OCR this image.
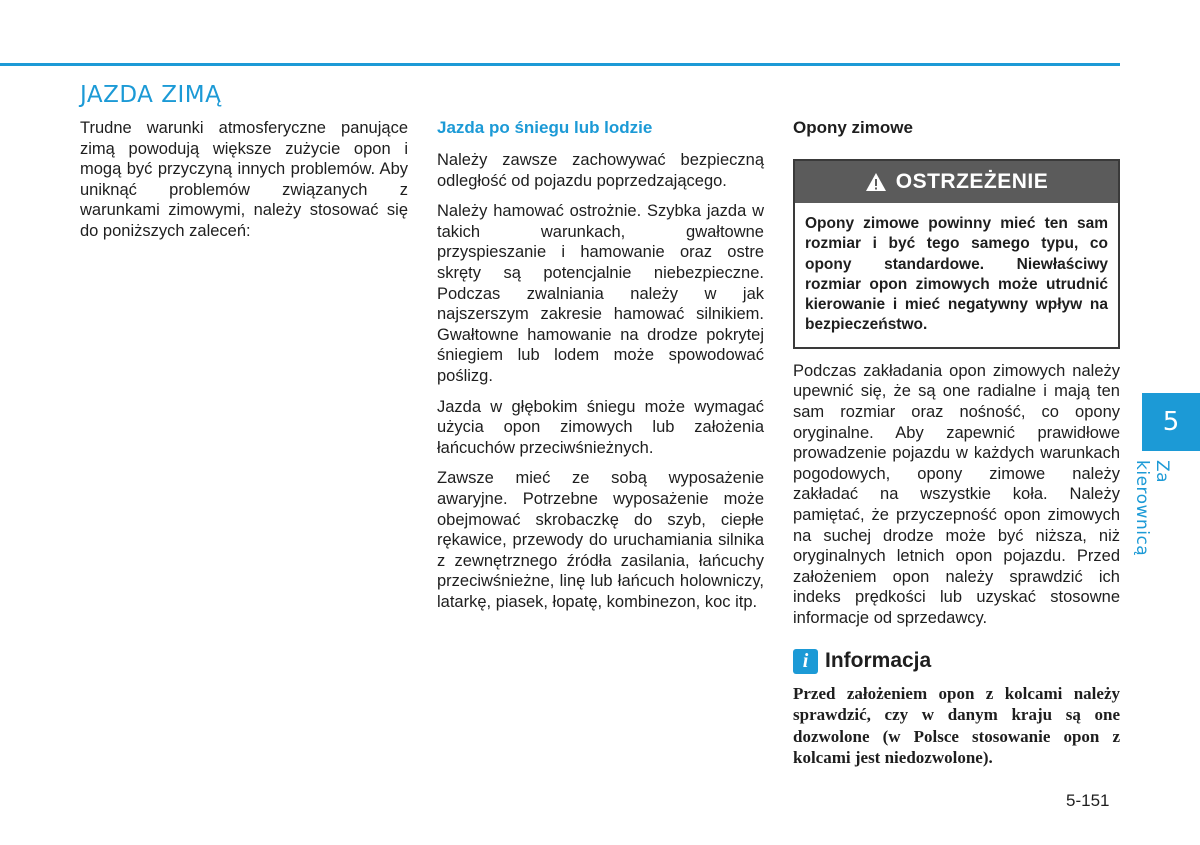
JAZDA ZIMĄ

Trudne warunki atmosferyczne panujące zimą powodują większe zużycie opon i mogą być przyczyną innych problemów. Aby uniknąć problemów związanych z warunkami zimowymi, należy stosować się do poniższych zaleceń:

Jazda po śniegu lub lodzie

Należy zawsze zachowywać bezpieczną odległość od pojazdu poprzedzającego.

Należy hamować ostrożnie. Szybka jazda w takich warunkach, gwałtowne przyspieszanie i hamowanie oraz ostre skręty są potencjalnie niebezpieczne. Podczas zwalniania należy w jak najszerszym zakresie hamować silnikiem. Gwałtowne hamowanie na drodze pokrytej śniegiem lub lodem może spowodować poślizg.

Jazda w głębokim śniegu może wymagać użycia opon zimowych lub założenia łańcuchów przeciwśnieżnych.

Zawsze mieć ze sobą wyposażenie awaryjne. Potrzebne wyposażenie może obejmować skrobaczkę do szyb, ciepłe rękawice, przewody do uruchamiania silnika z zewnętrznego źródła zasilania, łańcuchy przeciwśnieżne, linę lub łańcuch holowniczy, latarkę, piasek, łopatę, kombinezon, koc itp.

Opony zimowe
OSTRZEŻENIE
Opony zimowe powinny mieć ten sam rozmiar i być tego samego typu, co opony standardowe. Niewłaściwy rozmiar opon zimowych może utrudnić kierowanie i mieć negatywny wpływ na bezpieczeństwo.

Podczas zakładania opon zimowych należy upewnić się, że są one radialne i mają ten sam rozmiar oraz nośność, co opony oryginalne. Aby zapewnić prawidłowe prowadzenie pojazdu w każdych warunkach pogodowych, opony zimowe należy zakładać na wszystkie koła. Należy pamiętać, że przyczepność opon zimowych na suchej drodze może być niższa, niż oryginalnych letnich opon pojazdu. Przed założeniem opon należy sprawdzić ich indeks prędkości lub uzyskać stosowne informacje od sprzedawcy.

i Informacja
Przed założeniem opon z kolcami należy sprawdzić, czy w danym kraju są one dozwolone (w Polsce stosowanie opon z kolcami jest niedozwolone).
5
Za kierownicą
5-151
